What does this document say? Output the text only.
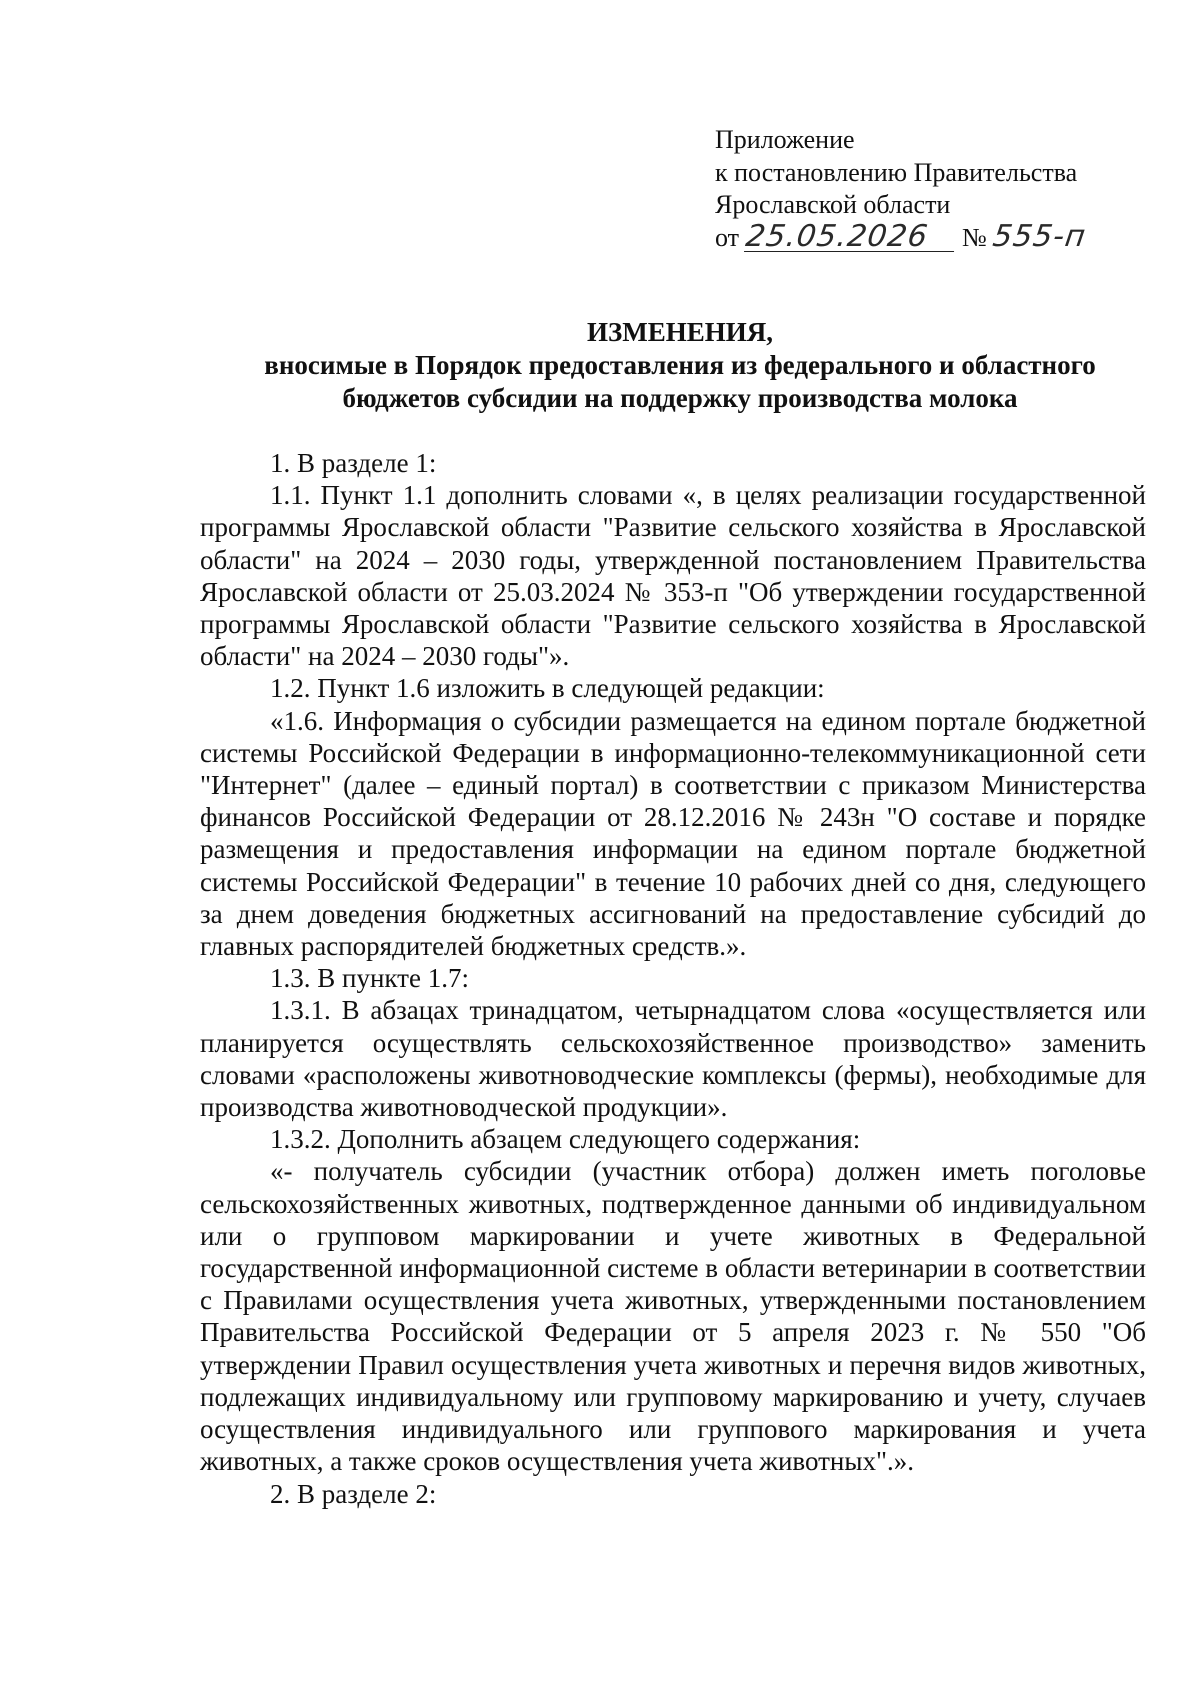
Приложение
к постановлению Правительства
Ярославской области
от 25.05.2026 № 555-п
ИЗМЕНЕНИЯ,
вносимые в Порядок предоставления из федерального и областного
бюджетов субсидии на поддержку производства молока

1. В разделе 1:

1.1. Пункт 1.1 дополнить словами «, в целях реализации государственной программы Ярославской области "Развитие сельского хозяйства в Ярославской области" на 2024 – 2030 годы, утвержденной постановлением Правительства Ярославской области от 25.03.2024 № 353-п "Об утверждении государственной программы Ярославской области "Развитие сельского хозяйства в Ярославской области" на 2024 – 2030 годы"».

1.2. Пункт 1.6 изложить в следующей редакции:

«1.6. Информация о субсидии размещается на едином портале бюджетной системы Российской Федерации в информационно-телекоммуникационной сети "Интернет" (далее – единый портал) в соответствии с приказом Министерства финансов Российской Федерации от 28.12.2016 № 243н "О составе и порядке размещения и предоставления информации на едином портале бюджетной системы Российской Федерации" в течение 10 рабочих дней со дня, следующего за днем доведения бюджетных ассигнований на предоставление субсидий до главных распорядителей бюджетных средств.».

1.3. В пункте 1.7:

1.3.1. В абзацах тринадцатом, четырнадцатом слова «осуществляется или планируется осуществлять сельскохозяйственное производство» заменить словами «расположены животноводческие комплексы (фермы), необходимые для производства животноводческой продукции».

1.3.2. Дополнить абзацем следующего содержания:

«- получатель субсидии (участник отбора) должен иметь поголовье сельскохозяйственных животных, подтвержденное данными об индивидуальном или о групповом маркировании и учете животных в Федеральной государственной информационной системе в области ветеринарии в соответствии с Правилами осуществления учета животных, утвержденными постановлением Правительства Российской Федерации от 5 апреля 2023 г. № 550 "Об утверждении Правил осуществления учета животных и перечня видов животных, подлежащих индивидуальному или групповому маркированию и учету, случаев осуществления индивидуального или группового маркирования и учета животных, а также сроков осуществления учета животных".».

2. В разделе 2:
